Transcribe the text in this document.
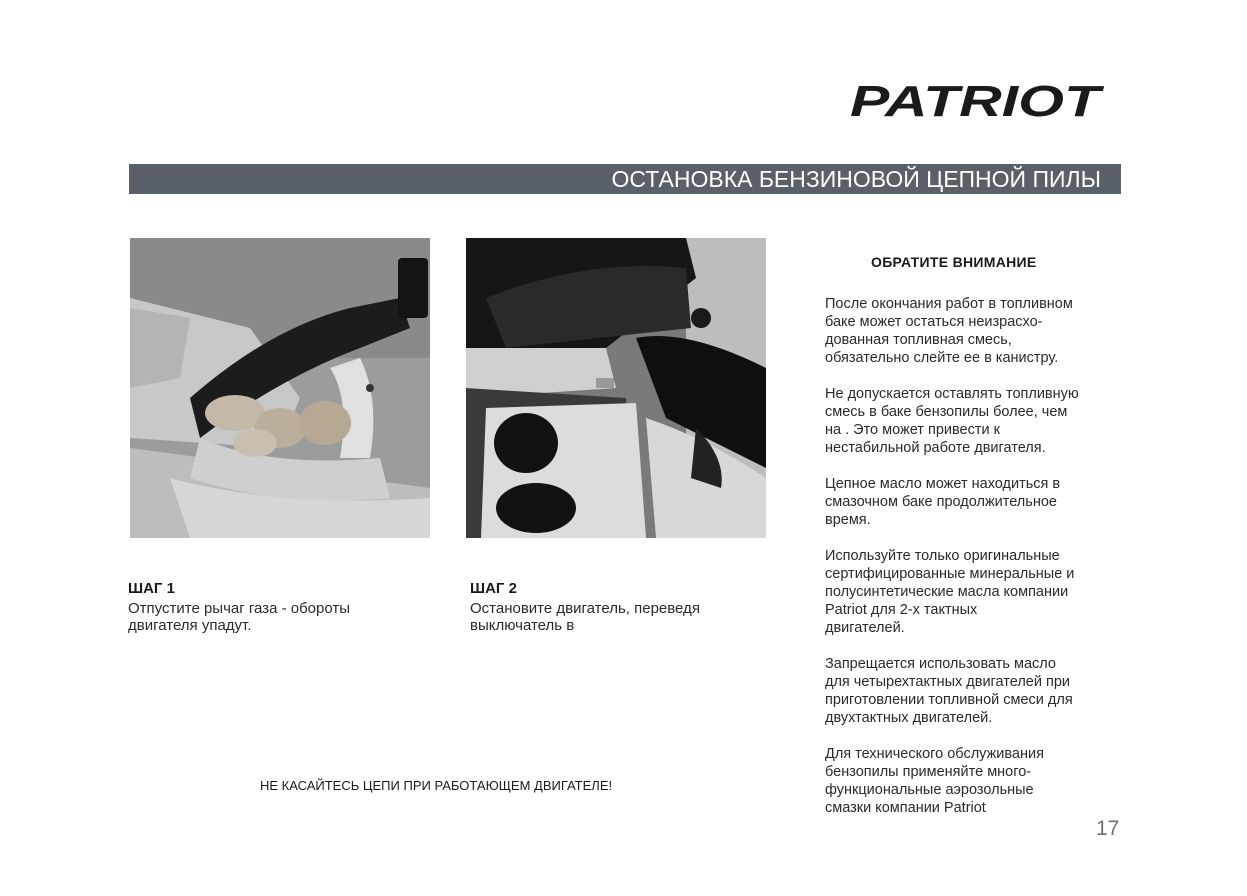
PATRIOT
ОСТАНОВКА БЕНЗИНОВОЙ ЦЕПНОЙ ПИЛЫ

ШАГ 1

Отпустите рычаг газа - обороты
двигателя упадут.

ШАГ 2

Остановите двигатель, переведя
выключатель в

НЕ КАСАЙТЕСЬ ЦЕПИ ПРИ РАБОТАЮЩЕМ ДВИГАТЕЛЕ!

ОБРАТИТЕ ВНИМАНИЕ

После окончания работ в топливном
баке может остаться неизрасхо-
дованная топливная смесь,
обязательно слейте ее в канистру.

Не допускается оставлять топливную
смесь в баке бензопилы более, чем
на . Это может привести к
нестабильной работе двигателя.

Цепное масло может находиться в
смазочном баке продолжительное
время.

Используйте только оригинальные
сертифицированные минеральные и
полусинтетические масла компании
Patriot для 2-х тактных
двигателей.

Запрещается использовать масло
для четырехтактных двигателей при
приготовлении топливной смеси для
двухтактных двигателей.

Для технического обслуживания
бензопилы применяйте много-
функциональные аэрозольные
смазки компании Patriot

17
